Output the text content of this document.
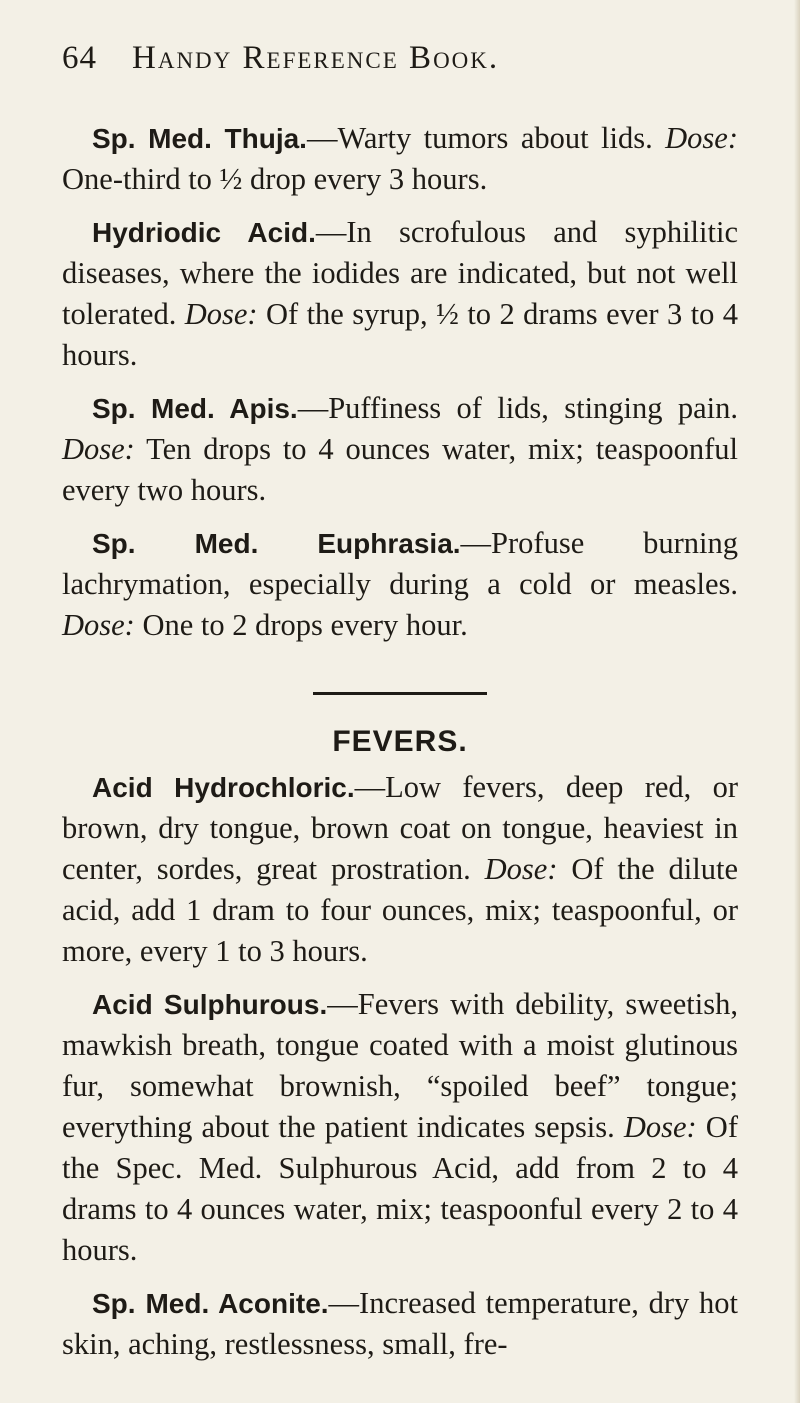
64	Handy Reference Book.

Sp. Med. Thuja.—Warty tumors about lids. Dose: One-third to ½ drop every 3 hours.

Hydriodic Acid.—In scrofulous and syphilitic diseases, where the iodides are indicated, but not well tolerated. Dose: Of the syrup, ½ to 2 drams ever 3 to 4 hours.

Sp. Med. Apis.—Puffiness of lids, stinging pain. Dose: Ten drops to 4 ounces water, mix; teaspoonful every two hours.

Sp. Med. Euphrasia.—Profuse burning lachrymation, especially during a cold or measles. Dose: One to 2 drops every hour.

FEVERS.

Acid Hydrochloric.—Low fevers, deep red, or brown, dry tongue, brown coat on tongue, heaviest in center, sordes, great prostration. Dose: Of the dilute acid, add 1 dram to four ounces, mix; teaspoonful, or more, every 1 to 3 hours.

Acid Sulphurous.—Fevers with debility, sweetish, mawkish breath, tongue coated with a moist glutinous fur, somewhat brownish, “spoiled beef” tongue; everything about the patient indicates sepsis. Dose: Of the Spec. Med. Sulphurous Acid, add from 2 to 4 drams to 4 ounces water, mix; teaspoonful every 2 to 4 hours.

Sp. Med. Aconite.—Increased temperature, dry hot skin, aching, restlessness, small, fre-
